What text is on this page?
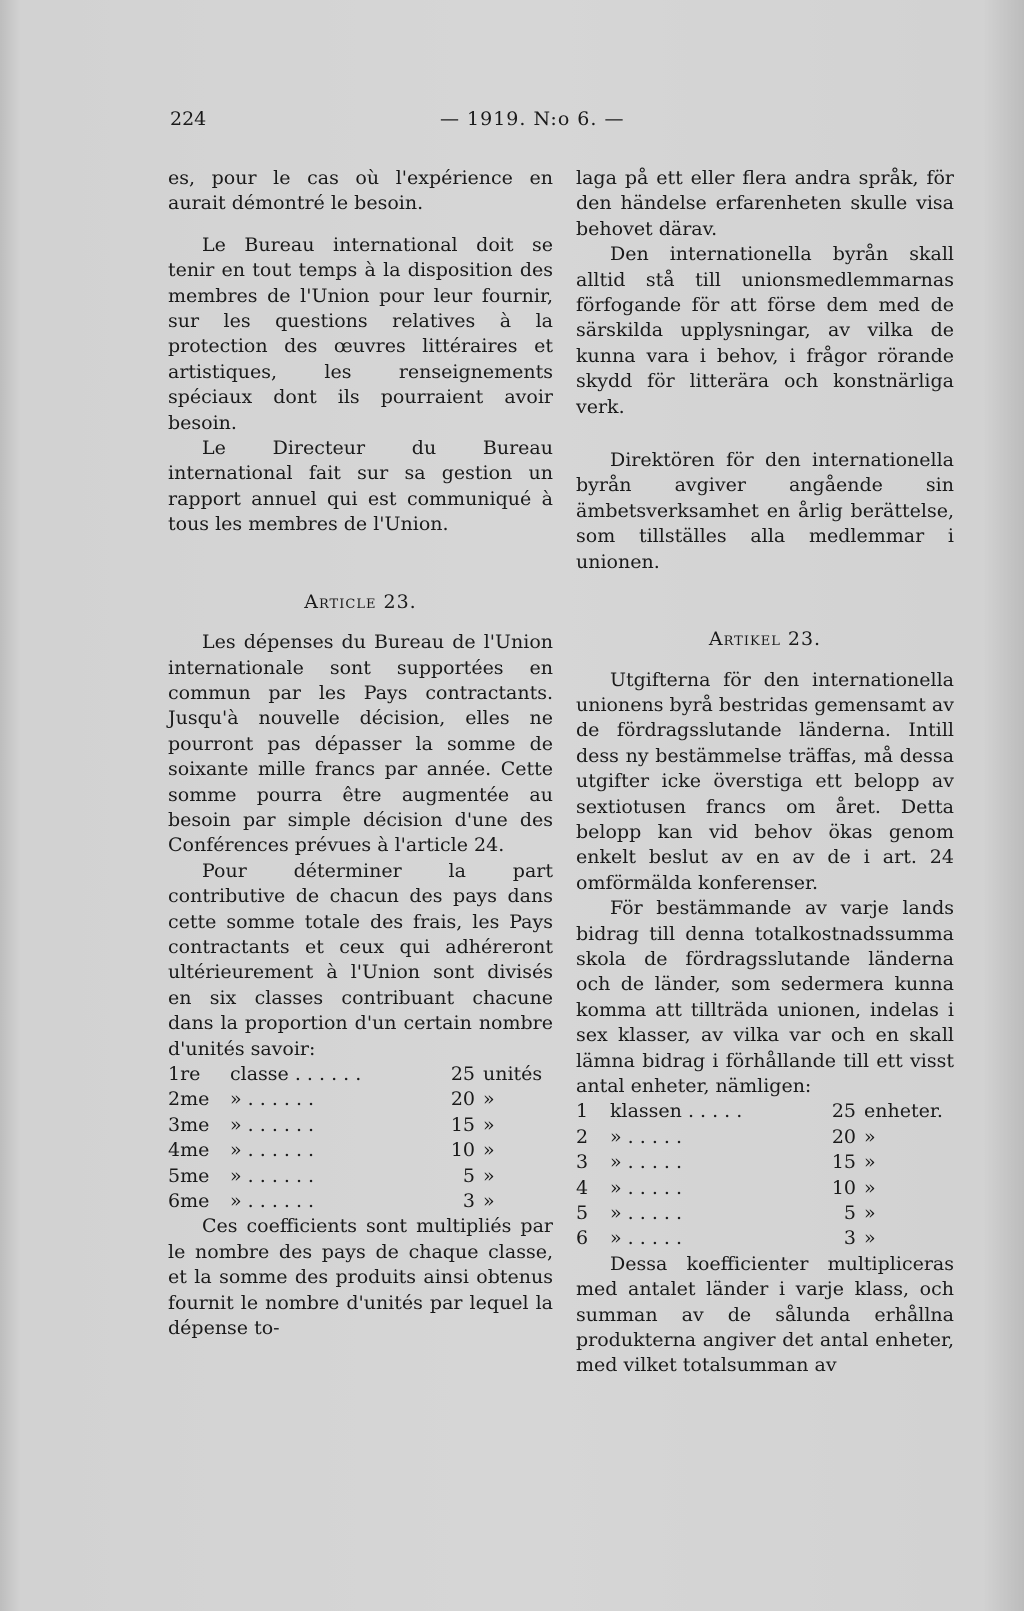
224	— 1919. N:o 6. —

es, pour le cas où l'expérience en aurait démontré le besoin.

Le Bureau international doit se tenir en tout temps à la disposition des membres de l'Union pour leur fournir, sur les questions relatives à la protection des œuvres littéraires et artistiques, les renseignements spéciaux dont ils pourraient avoir besoin.

Le Directeur du Bureau international fait sur sa gestion un rapport annuel qui est communiqué à tous les membres de l'Union.

Article 23.

Les dépenses du Bureau de l'Union internationale sont supportées en commun par les Pays contractants. Jusqu'à nouvelle décision, elles ne pourront pas dépasser la somme de soixante mille francs par année. Cette somme pourra être augmentée au besoin par simple décision d'une des Conférences prévues à l'article 24.

Pour déterminer la part contributive de chacun des pays dans cette somme totale des frais, les Pays contractants et ceux qui adhéreront ultérieurement à l'Union sont divisés en six classes contribuant chacune dans la proportion d'un certain nombre d'unités savoir:

1re	classe . . . . . .	25 unités
2me	» . . . . . .	20 »
3me	» . . . . . .	15 »
4me	» . . . . . .	10 »
5me	» . . . . . .	5 »
6me	» . . . . . .	3 »

Ces coefficients sont multipliés par le nombre des pays de chaque classe, et la somme des produits ainsi obtenus fournit le nombre d'unités par lequel la dépense to-

laga på ett eller flera andra språk, för den händelse erfarenheten skulle visa behovet därav.

Den internationella byrån skall alltid stå till unionsmedlemmarnas förfogande för att förse dem med de särskilda upplysningar, av vilka de kunna vara i behov, i frågor rörande skydd för litterära och konstnärliga verk.

Direktören för den internationella byrån avgiver angående sin ämbetsverksamhet en årlig berättelse, som tillställes alla medlemmar i unionen.

Artikel 23.

Utgifterna för den internationella unionens byrå bestridas gemensamt av de fördragsslutande länderna. Intill dess ny bestämmelse träffas, må dessa utgifter icke överstiga ett belopp av sextiotusen francs om året. Detta belopp kan vid behov ökas genom enkelt beslut av en av de i art. 24 omförmälda konferenser.

För bestämmande av varje lands bidrag till denna totalkostnadssumma skola de fördragsslutande länderna och de länder, som sedermera kunna komma att tillträda unionen, indelas i sex klasser, av vilka var och en skall lämna bidrag i förhållande till ett visst antal enheter, nämligen:

1	klassen . . . . .	25 enheter.
2	» . . . . .	20 »
3	» . . . . .	15 »
4	» . . . . .	10 »
5	» . . . . .	5 »
6	» . . . . .	3 »

Dessa koefficienter multipliceras med antalet länder i varje klass, och summan av de sålunda erhållna produkterna angiver det antal enheter, med vilket totalsumman av
